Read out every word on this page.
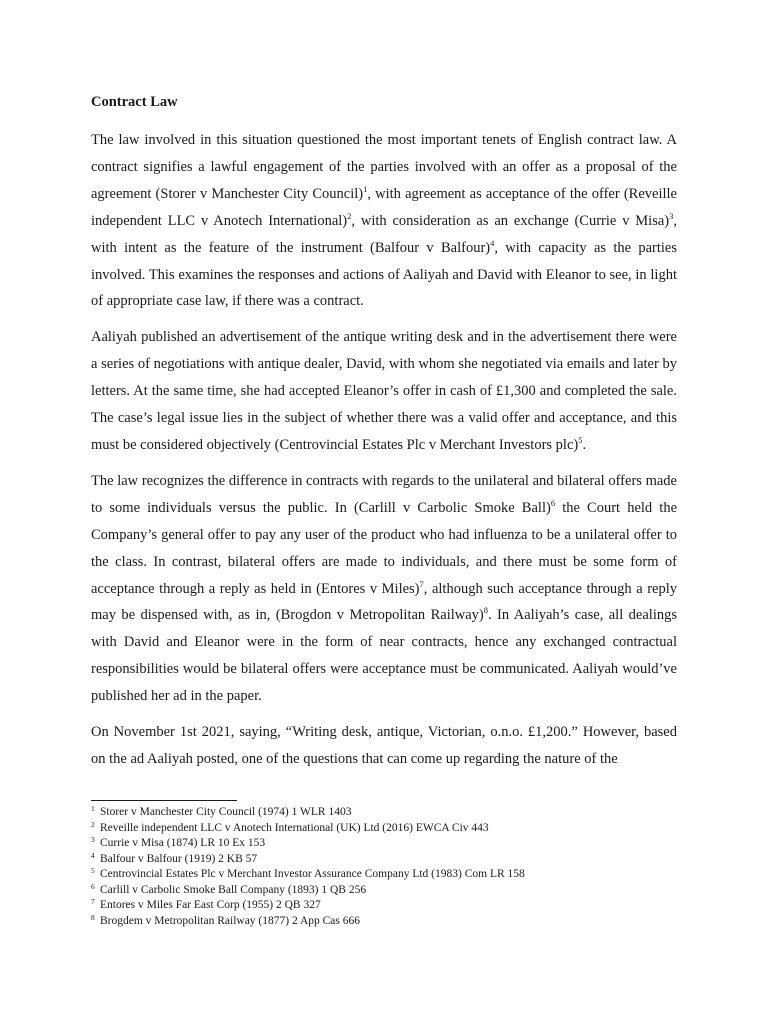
Contract Law

The law involved in this situation questioned the most important tenets of English contract law. A contract signifies a lawful engagement of the parties involved with an offer as a proposal of the agreement (Storer v Manchester City Council)$^1$, with agreement as acceptance of the offer (Reveille independent LLC v Anotech International)$^2$, with consideration as an exchange (Currie v Misa)$^3$, with intent as the feature of the instrument (Balfour v Balfour)$^4$, with capacity as the parties involved. This examines the responses and actions of Aaliyah and David with Eleanor to see, in light of appropriate case law, if there was a contract.

Aaliyah published an advertisement of the antique writing desk and in the advertisement there were a series of negotiations with antique dealer, David, with whom she negotiated via emails and later by letters. At the same time, she had accepted Eleanor’s offer in cash of £1,300 and completed the sale. The case’s legal issue lies in the subject of whether there was a valid offer and acceptance, and this must be considered objectively (Centrovincial Estates Plc v Merchant Investors plc)$^5$.

The law recognizes the difference in contracts with regards to the unilateral and bilateral offers made to some individuals versus the public. In (Carlill v Carbolic Smoke Ball)$^6$ the Court held the Company’s general offer to pay any user of the product who had influenza to be a unilateral offer to the class. In contrast, bilateral offers are made to individuals, and there must be some form of acceptance through a reply as held in (Entores v Miles)$^7$, although such acceptance through a reply may be dispensed with, as in, (Brogdon v Metropolitan Railway)$^8$. In Aaliyah’s case, all dealings with David and Eleanor were in the form of near contracts, hence any exchanged contractual responsibilities would be bilateral offers were acceptance must be communicated. Aaliyah would’ve published her ad in the paper.

On November 1st 2021, saying, “Writing desk, antique, Victorian, o.n.o. £1,200.” However, based on the ad Aaliyah posted, one of the questions that can come up regarding the nature of the

1 Storer v Manchester City Council (1974) 1 WLR 1403
2 Reveille independent LLC v Anotech International (UK) Ltd (2016) EWCA Civ 443
3 Currie v Misa (1874) LR 10 Ex 153
4 Balfour v Balfour (1919) 2 KB 57
5 Centrovincial Estates Plc v Merchant Investor Assurance Company Ltd (1983) Com LR 158
6 Carlill v Carbolic Smoke Ball Company (1893) 1 QB 256
7 Entores v Miles Far East Corp (1955) 2 QB 327
8 Brogdem v Metropolitan Railway (1877) 2 App Cas 666
